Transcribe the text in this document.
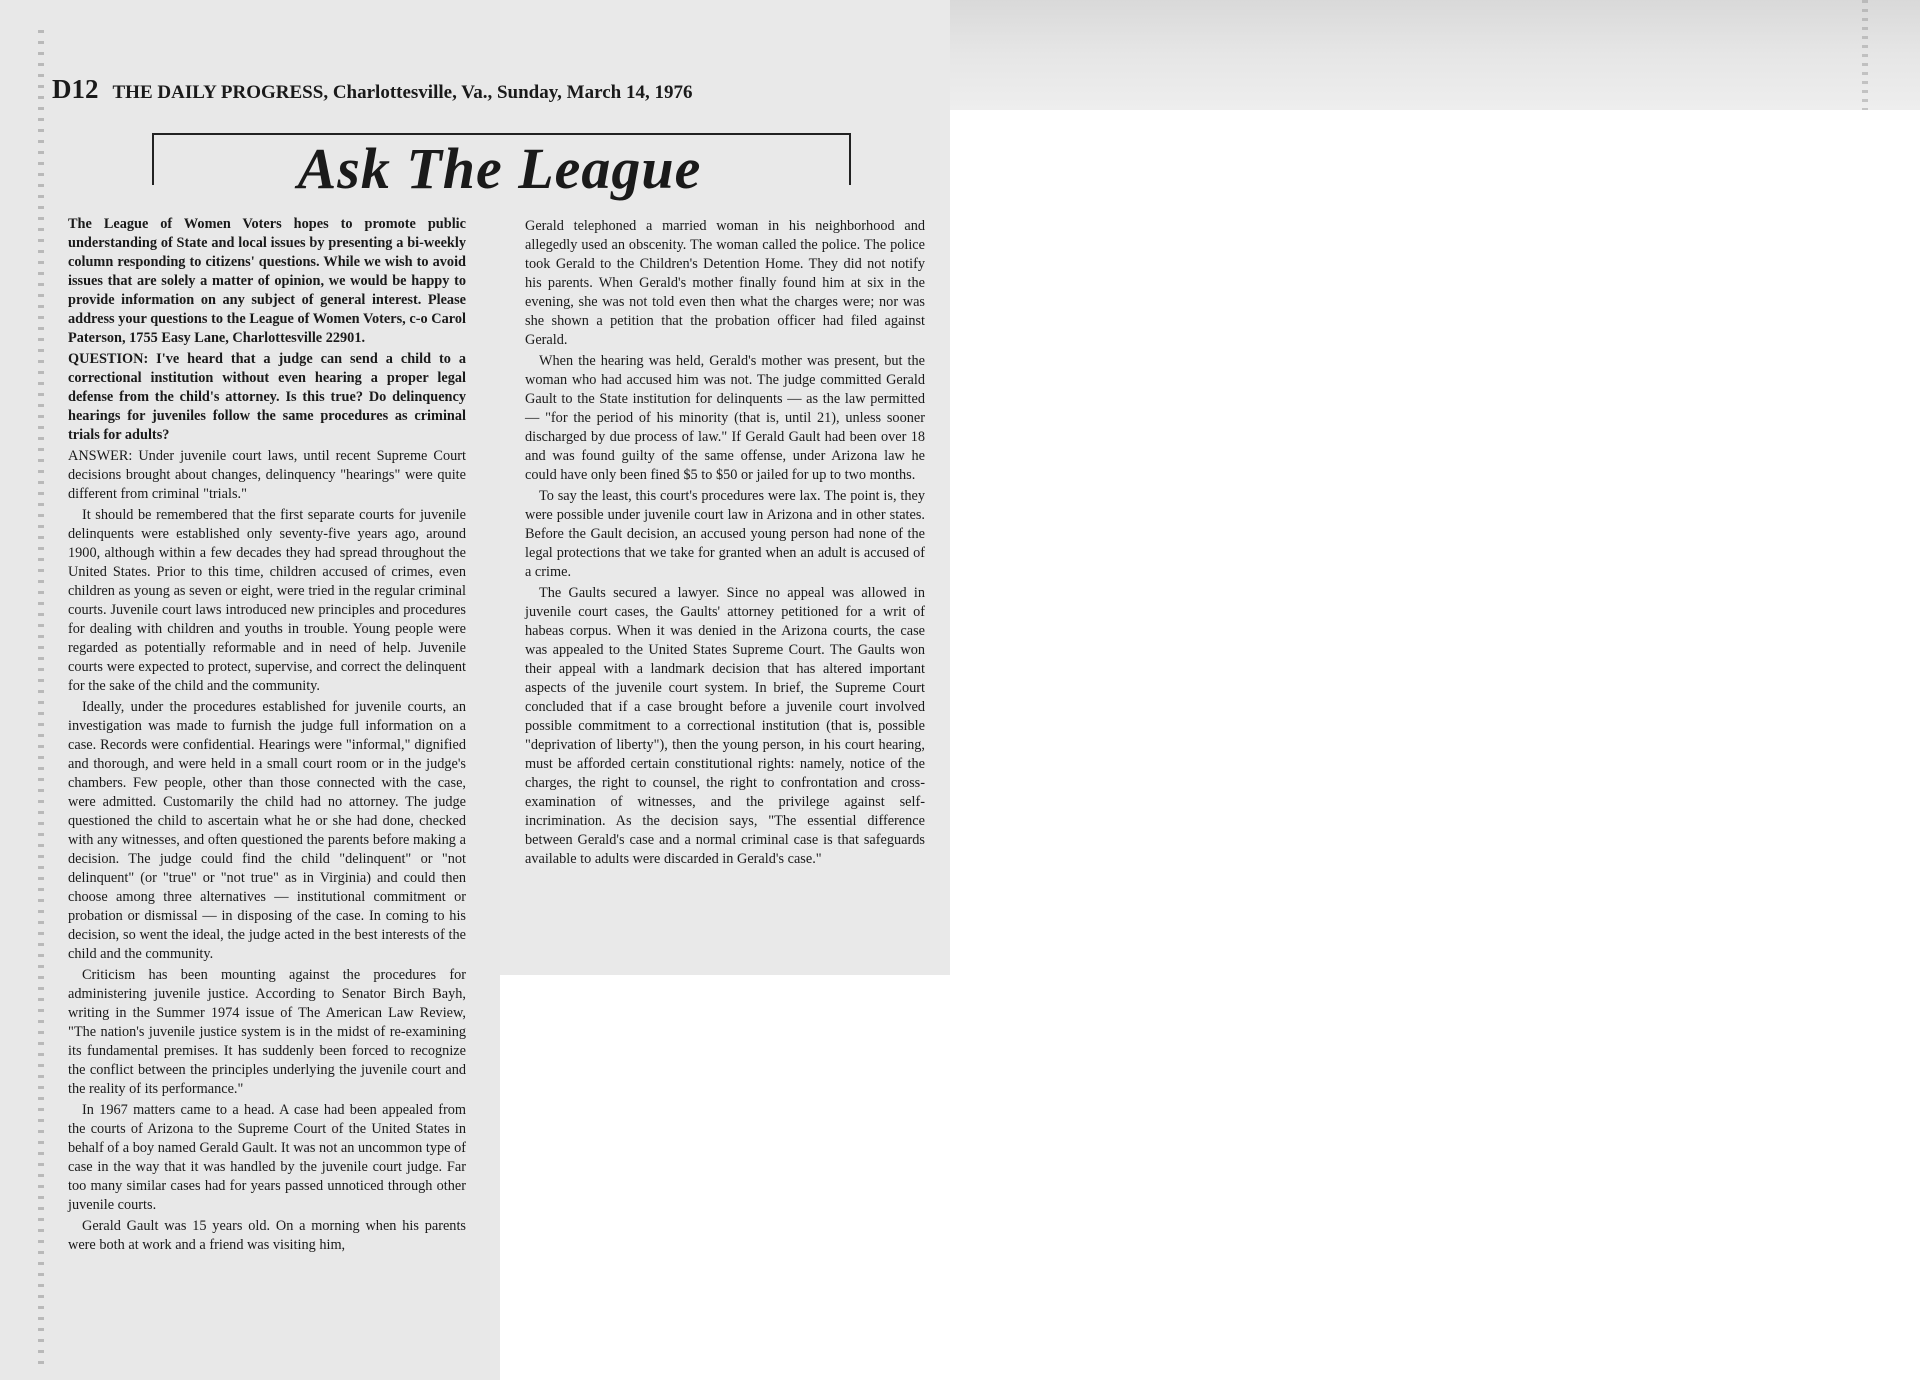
D12 THE DAILY PROGRESS, Charlottesville, Va., Sunday, March 14, 1976
Ask The League

The League of Women Voters hopes to promote public understanding of State and local issues by presenting a bi-weekly column responding to citizens' questions. While we wish to avoid issues that are solely a matter of opinion, we would be happy to provide information on any subject of general interest. Please address your questions to the League of Women Voters, c-o Carol Paterson, 1755 Easy Lane, Charlottesville 22901.

QUESTION: I've heard that a judge can send a child to a correctional institution without even hearing a proper legal defense from the child's attorney. Is this true? Do delinquency hearings for juveniles follow the same procedures as criminal trials for adults?

ANSWER: Under juvenile court laws, until recent Supreme Court decisions brought about changes, delinquency "hearings" were quite different from criminal "trials."

It should be remembered that the first separate courts for juvenile delinquents were established only seventy-five years ago, around 1900, although within a few decades they had spread throughout the United States. Prior to this time, children accused of crimes, even children as young as seven or eight, were tried in the regular criminal courts. Juvenile court laws introduced new principles and procedures for dealing with children and youths in trouble. Young people were regarded as potentially reformable and in need of help. Juvenile courts were expected to protect, supervise, and correct the delinquent for the sake of the child and the community.

Ideally, under the procedures established for juvenile courts, an investigation was made to furnish the judge full information on a case. Records were confidential. Hearings were "informal," dignified and thorough, and were held in a small court room or in the judge's chambers. Few people, other than those connected with the case, were admitted. Customarily the child had no attorney. The judge questioned the child to ascertain what he or she had done, checked with any witnesses, and often questioned the parents before making a decision. The judge could find the child "delinquent" or "not delinquent" (or "true" or "not true" as in Virginia) and could then choose among three alternatives — institutional commitment or probation or dismissal — in disposing of the case. In coming to his decision, so went the ideal, the judge acted in the best interests of the child and the community.

Criticism has been mounting against the procedures for administering juvenile justice. According to Senator Birch Bayh, writing in the Summer 1974 issue of The American Law Review, "The nation's juvenile justice system is in the midst of re-examining its fundamental premises. It has suddenly been forced to recognize the conflict between the principles underlying the juvenile court and the reality of its performance."

In 1967 matters came to a head. A case had been appealed from the courts of Arizona to the Supreme Court of the United States in behalf of a boy named Gerald Gault. It was not an uncommon type of case in the way that it was handled by the juvenile court judge. Far too many similar cases had for years passed unnoticed through other juvenile courts.

Gerald Gault was 15 years old. On a morning when his parents were both at work and a friend was visiting him,

Gerald telephoned a married woman in his neighborhood and allegedly used an obscenity. The woman called the police. The police took Gerald to the Children's Detention Home. They did not notify his parents. When Gerald's mother finally found him at six in the evening, she was not told even then what the charges were; nor was she shown a petition that the probation officer had filed against Gerald.

When the hearing was held, Gerald's mother was present, but the woman who had accused him was not. The judge committed Gerald Gault to the State institution for delinquents — as the law permitted — "for the period of his minority (that is, until 21), unless sooner discharged by due process of law." If Gerald Gault had been over 18 and was found guilty of the same offense, under Arizona law he could have only been fined $5 to $50 or jailed for up to two months.

To say the least, this court's procedures were lax. The point is, they were possible under juvenile court law in Arizona and in other states. Before the Gault decision, an accused young person had none of the legal protections that we take for granted when an adult is accused of a crime.

The Gaults secured a lawyer. Since no appeal was allowed in juvenile court cases, the Gaults' attorney petitioned for a writ of habeas corpus. When it was denied in the Arizona courts, the case was appealed to the United States Supreme Court. The Gaults won their appeal with a landmark decision that has altered important aspects of the juvenile court system. In brief, the Supreme Court concluded that if a case brought before a juvenile court involved possible commitment to a correctional institution (that is, possible "deprivation of liberty"), then the young person, in his court hearing, must be afforded certain constitutional rights: namely, notice of the charges, the right to counsel, the right to confrontation and cross-examination of witnesses, and the privilege against self-incrimination. As the decision says, "The essential difference between Gerald's case and a normal criminal case is that safeguards available to adults were discarded in Gerald's case."
